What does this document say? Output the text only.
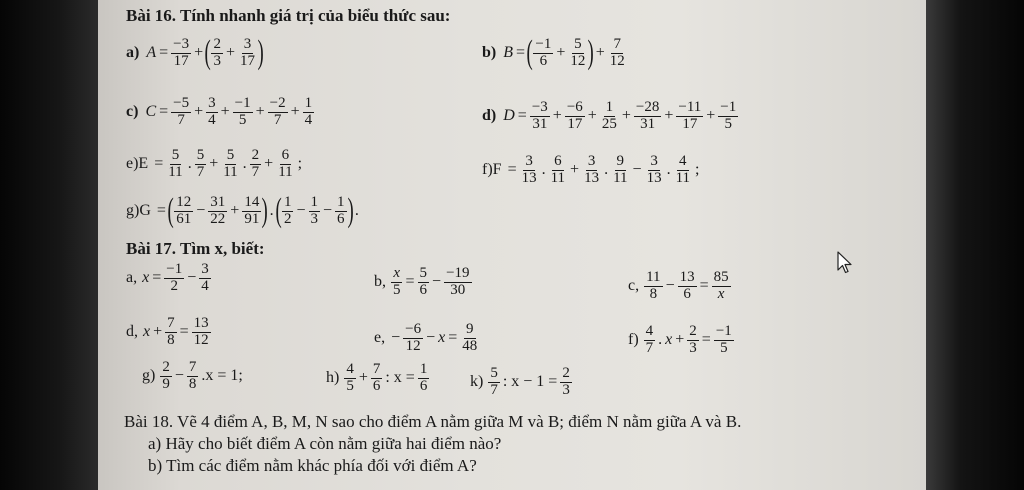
Bài 16. Tính nhanh giá trị của biểu thức sau:
a) $A = \frac{-3}{17}$ + ( $\frac{2}{3} + \frac{3}{17}$ )	b) B = ( $\frac{-1}{6} + \frac{5}{12}$ ) + $\frac{7}{12}$
c) $C = \frac{-5}{7} + \frac{3}{4} + \frac{-1}{5} + \frac{-2}{7} + \frac{1}{4}$	d) $D = \frac{-3}{31} + \frac{-6}{17} + \frac{1}{25} + \frac{-28}{31} + \frac{-11}{17} + \frac{-1}{5}$
$e)E = \frac{5}{11}$ . $\frac{5}{7} + \frac{5}{11}$ . $\frac{2}{7} + \frac{6}{11}$ ;	$f)F = \frac{3}{13}$ . $\frac{6}{11} + \frac{3}{13}$ . $\frac{9}{11} - \frac{3}{13}$ . $\frac{4}{11}$ ;
g)G = ( $\frac{12}{61} - \frac{31}{22} + \frac{14}{91}$ ) . ( $\frac{1}{2} - \frac{1}{3} - \frac{1}{6}$ ) .
Bài 17. Tìm x, biết:
a, $x = \frac{-1}{2} - \frac{3}{4}$	b, $\frac{x}{5} = \frac{5}{6} - \frac{-19}{30}$	c, $\frac{11}{8} - \frac{13}{6} = \frac{85}{x}$
d, $x + \frac{7}{8} = \frac{13}{12}$	e, − $\frac{-6}{12} - x = \frac{9}{48}$	$f) \frac{4}{7}$ . $x + \frac{2}{3} = \frac{-1}{5}$
$g) \frac{2}{9} - \frac{7}{8} .x = 1$;	$h) \frac{4}{5} + \frac{7}{6}$ : $x = \frac{1}{6}$	$k) \frac{5}{7}$ : $x - 1 = \frac{2}{3}$
Bài 18. Vẽ 4 điểm A, B, M, N sao cho điểm A nằm giữa M và B; điểm N nằm giữa A và B.
a) Hãy cho biết điểm A còn nằm giữa hai điểm nào?
b) Tìm các điểm nằm khác phía đối với điểm A?
